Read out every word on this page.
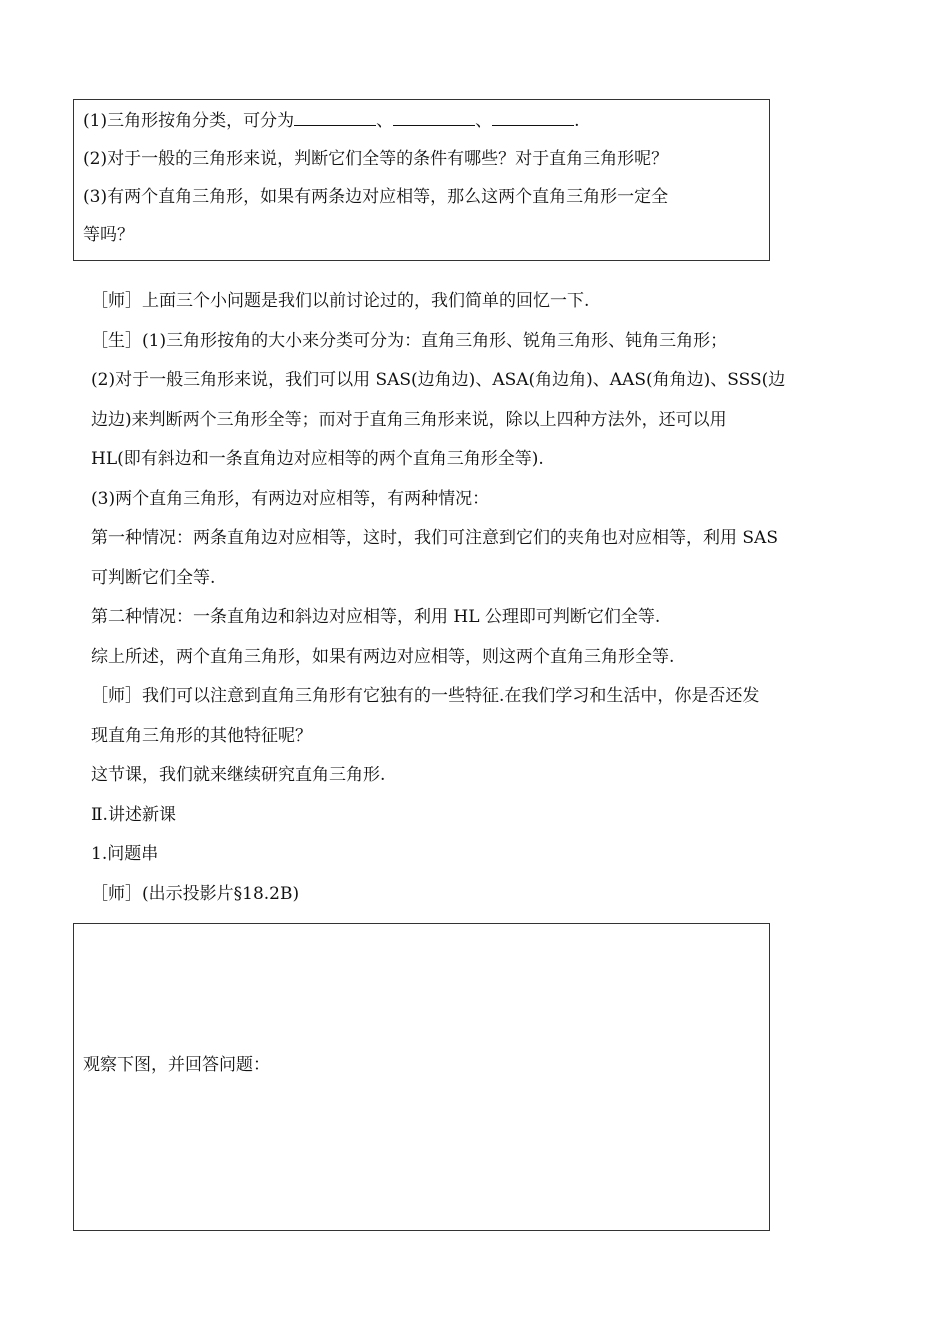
(1)三角形按角分类，可分为	、	、	.

(2)对于一般的三角形来说，判断它们全等的条件有哪些？对于直角三角形呢？

(3)有两个直角三角形，如果有两条边对应相等，那么这两个直角三角形一定全

等吗？

［师］上面三个小问题是我们以前讨论过的，我们简单的回忆一下.

［生］(1)三角形按角的大小来分类可分为：直角三角形、锐角三角形、钝角三角形；

(2)对于一般三角形来说，我们可以用 SAS(边角边)、ASA(角边角)、AAS(角角边)、SSS(边

边边)来判断两个三角形全等；而对于直角三角形来说，除以上四种方法外，还可以用

HL(即有斜边和一条直角边对应相等的两个直角三角形全等).

(3)两个直角三角形，有两边对应相等，有两种情况：

第一种情况：两条直角边对应相等，这时，我们可注意到它们的夹角也对应相等，利用 SAS

可判断它们全等.

第二种情况：一条直角边和斜边对应相等，利用 HL 公理即可判断它们全等.

综上所述，两个直角三角形，如果有两边对应相等，则这两个直角三角形全等.

［师］我们可以注意到直角三角形有它独有的一些特征.在我们学习和生活中，你是否还发

现直角三角形的其他特征呢？

这节课，我们就来继续研究直角三角形.

Ⅱ.讲述新课

1.问题串

［师］(出示投影片§18.2B)

观察下图，并回答问题：
